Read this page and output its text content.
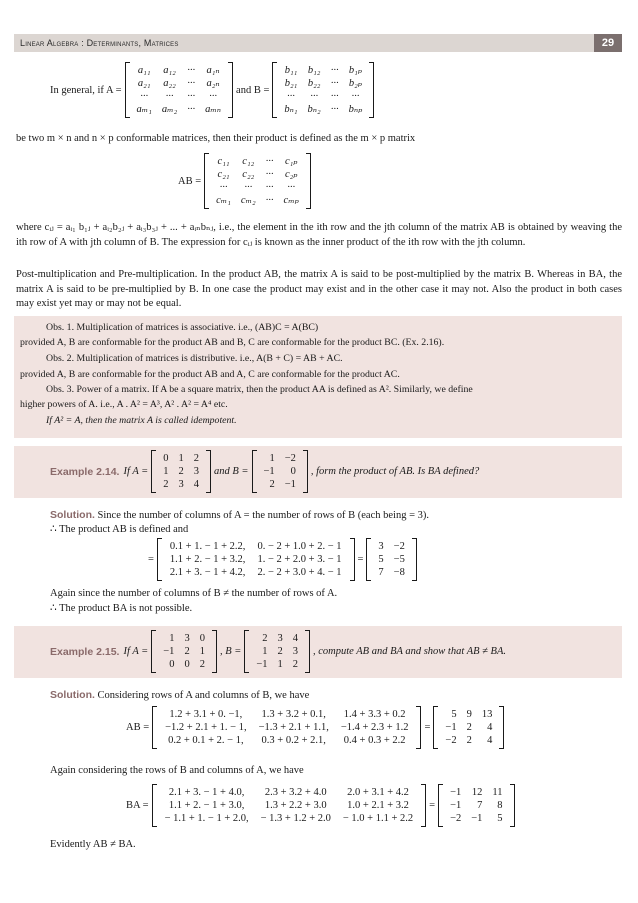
Linear Algebra : Determinants, Matrices	29
In general, if A =
a₁₁	a₁₂	···	a₁ₙ
a₂₁	a₂₂	···	a₂ₙ
···	···	···	···
aₘ₁	aₘ₂	···	aₘₙ
and B =
b₁₁	b₁₂	···	b₁ₚ
b₂₁	b₂₂	···	b₂ₚ
···	···	···	···
bₙ₁	bₙ₂	···	bₙₚ
be two m × n and n × p conformable matrices, then their product is defined as the m × p matrix
AB =
c₁₁	c₁₂	···	c₁ₚ
c₂₁	c₂₂	···	c₂ₚ
···	···	···	···
cₘ₁	cₘ₂	···	cₘₚ
where cᵢⱼ = aᵢ₁ b₁ⱼ + aᵢ₂b₂ⱼ + aᵢ₃b₃ⱼ + ... + aᵢₙbₙⱼ, i.e., the element in the ith row and the jth column of the matrix AB is obtained by weaving the ith row of A with jth column of B. The expression for cᵢⱼ is known as the inner product of the ith row with the jth column.
Post-multiplication and Pre-multiplication. In the product AB, the matrix A is said to be post-multiplied by the matrix B. Whereas in BA, the matrix A is said to be pre-multiplied by B. In one case the product may exist and in the other case it may not. Also the product in both cases may exist yet may or may not be equal.
Obs. 1. Multiplication of matrices is associative. i.e., (AB)C = A(BC)
provided A, B are conformable for the product AB and B, C are conformable for the product BC. (Ex. 2.16).
Obs. 2. Multiplication of matrices is distributive. i.e., A(B + C) = AB + AC.
provided A, B are conformable for the product AB and A, C are conformable for the product AC.
Obs. 3. Power of a matrix. If A be a square matrix, then the product AA is defined as A². Similarly, we define
higher powers of A. i.e., A . A² = A³, A² . A² = A⁴ etc.
If A² = A, then the matrix A is called idempotent.
Example 2.14. If A =
0	1	2
1	2	3
2	3	4
and B =
1	−2
−1	0
2	−1
, form the product of AB. Is BA defined?
Solution. Since the number of columns of A = the number of rows of B (each being = 3).
∴ The product AB is defined and
=
0.1 + 1. − 1 + 2.2,	0. − 2 + 1.0 + 2. − 1
1.1 + 2. − 1 + 3.2,	1. − 2 + 2.0 + 3. − 1
2.1 + 3. − 1 + 4.2,	2. − 2 + 3.0 + 4. − 1
=
3	−2
5	−5
7	−8
Again since the number of columns of B ≠ the number of rows of A.
∴ The product BA is not possible.
Example 2.15. If A =
1	3	0
−1	2	1
0	0	2
, B =
2	3	4
1	2	3
−1	1	2
, compute AB and BA and show that AB ≠ BA.
Solution. Considering rows of A and columns of B, we have
AB =
1.2 + 3.1 + 0. −1,	1.3 + 3.2 + 0.1,	1.4 + 3.3 + 0.2
−1.2 + 2.1 + 1. − 1,	−1.3 + 2.1 + 1.1,	−1.4 + 2.3 + 1.2
0.2 + 0.1 + 2. − 1,	0.3 + 0.2 + 2.1,	0.4 + 0.3 + 2.2
=
5	9	13
−1	2	4
−2	2	4
Again considering the rows of B and columns of A, we have
BA =
2.1 + 3. − 1 + 4.0,	2.3 + 3.2 + 4.0	2.0 + 3.1 + 4.2
1.1 + 2. − 1 + 3.0,	1.3 + 2.2 + 3.0	1.0 + 2.1 + 3.2
− 1.1 + 1. − 1 + 2.0,	− 1.3 + 1.2 + 2.0	− 1.0 + 1.1 + 2.2
=
−1	12	11
−1	7	8
−2	−1	5
Evidently AB ≠ BA.
